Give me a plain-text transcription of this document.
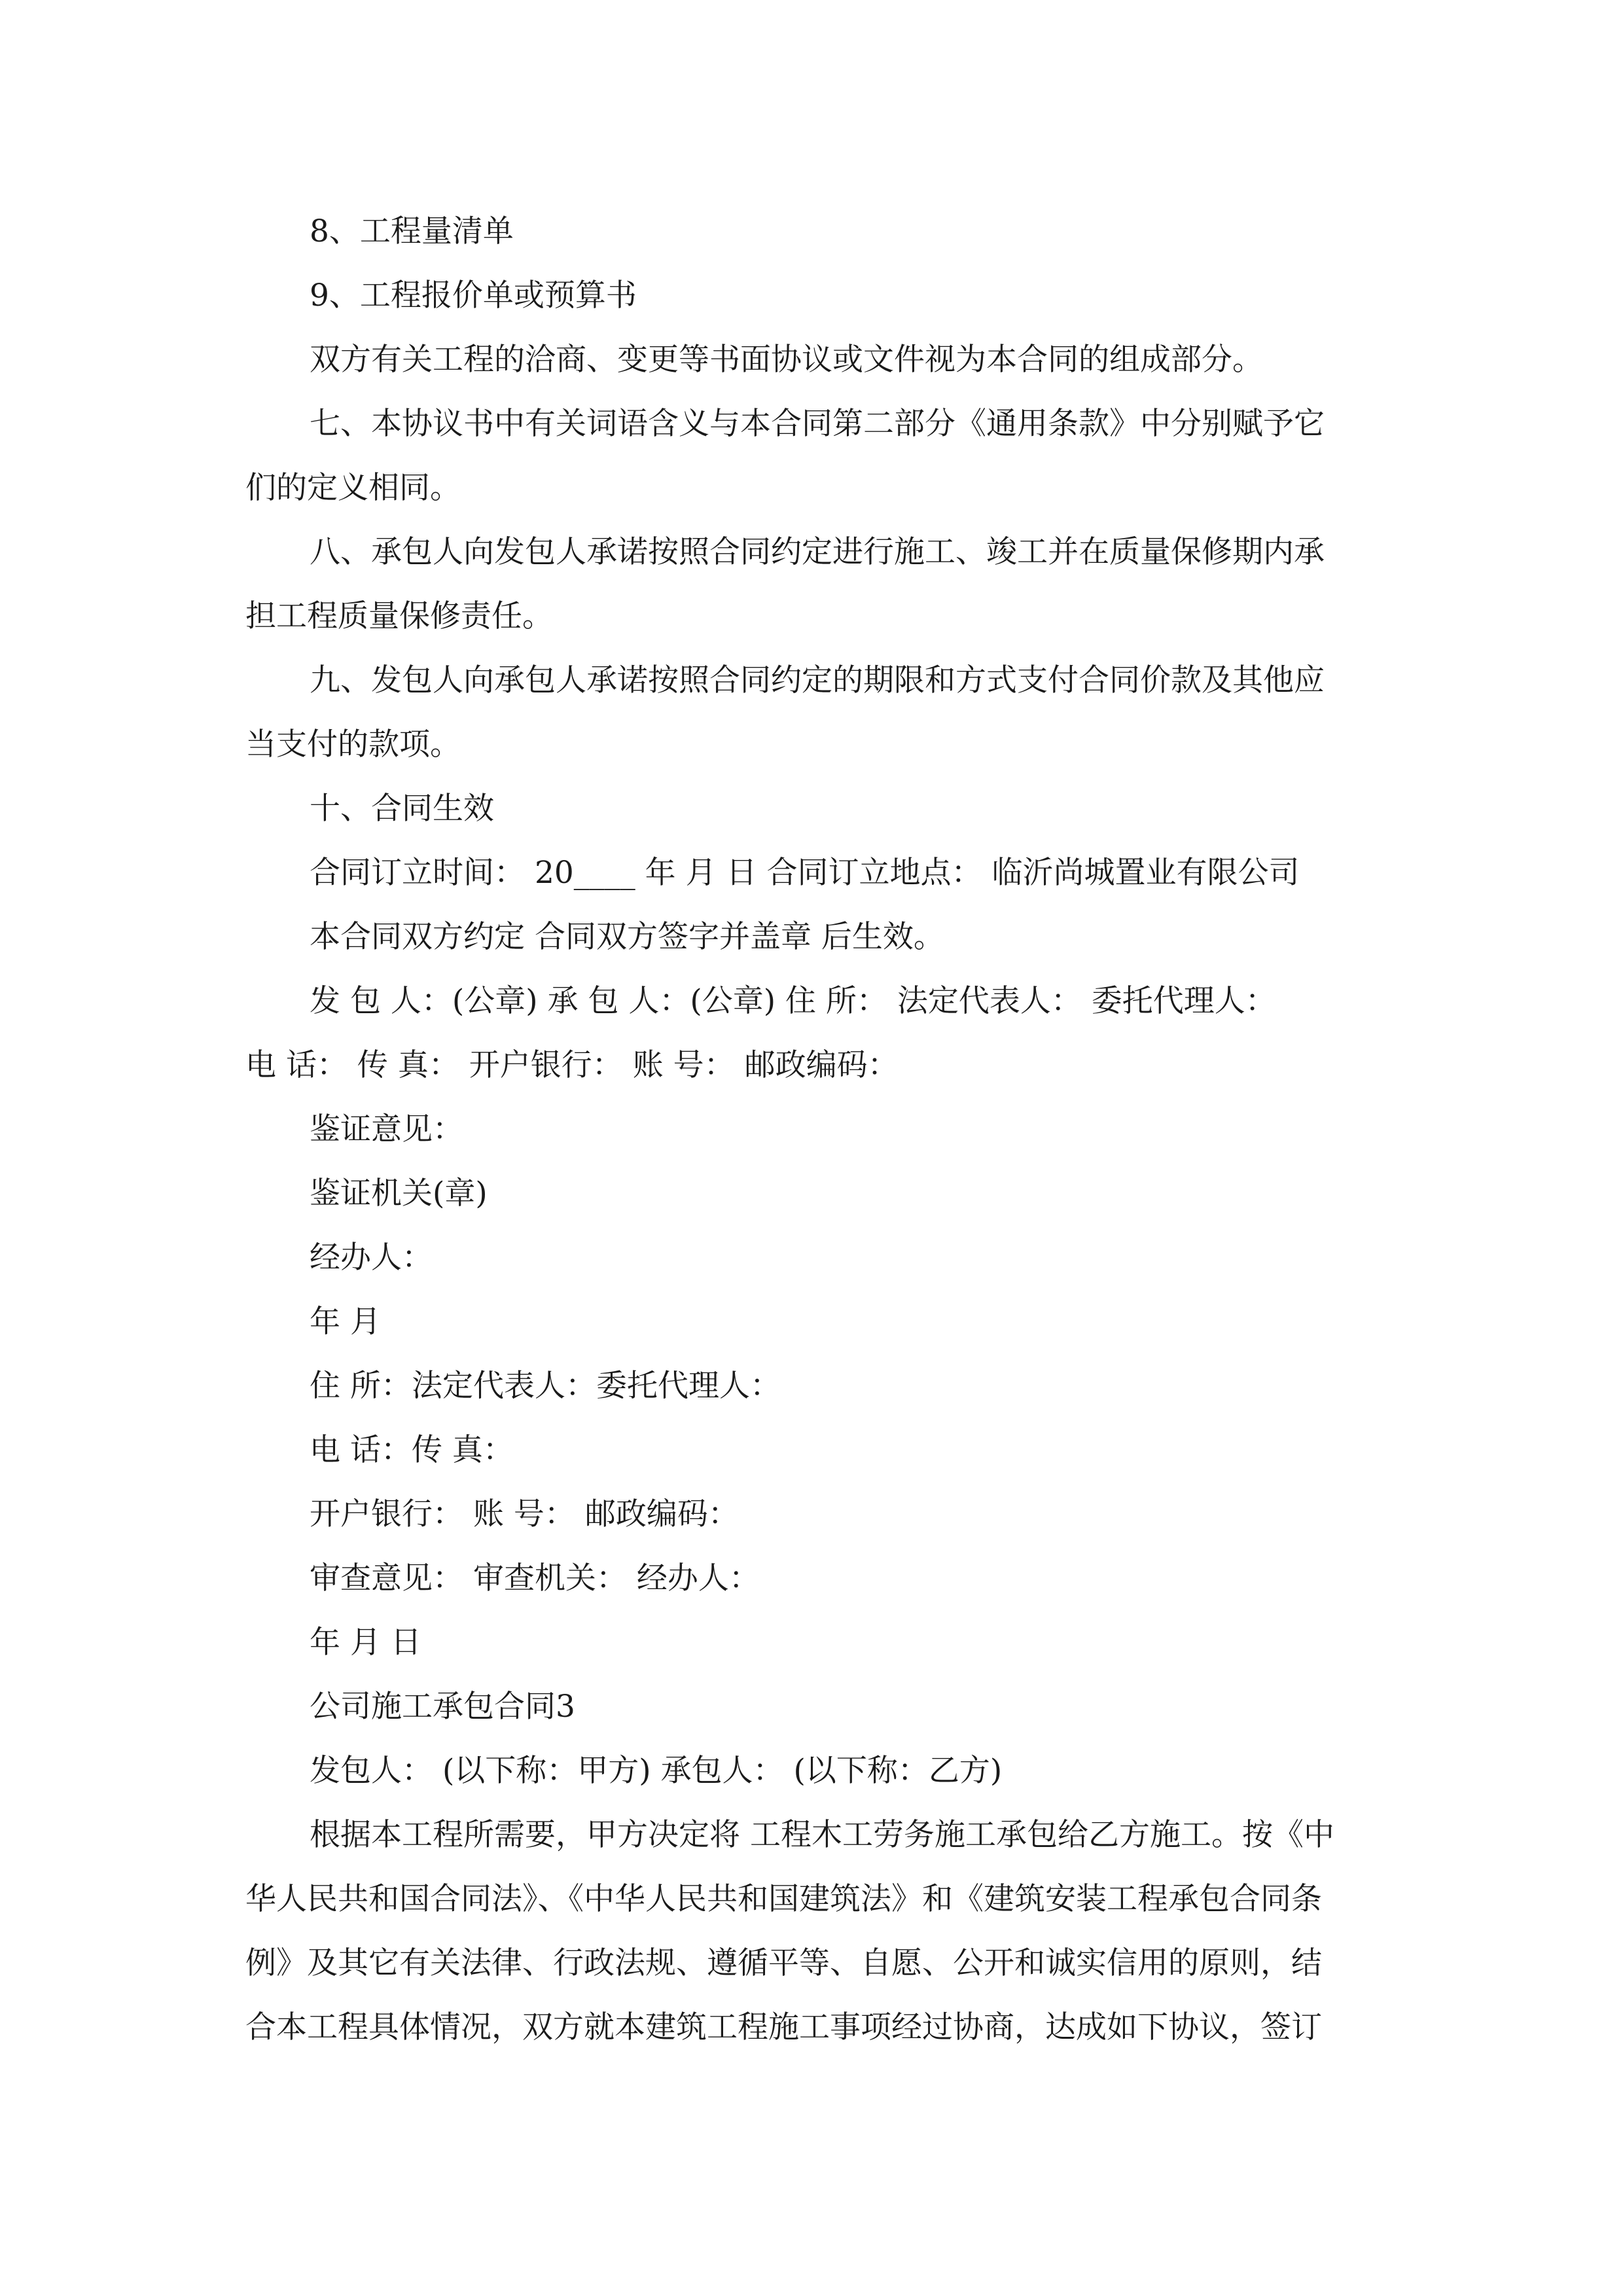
8、工程量清单

9、工程报价单或预算书

双方有关工程的洽商、变更等书面协议或文件视为本合同的组成部分。

七、本协议书中有关词语含义与本合同第二部分《通用条款》中分别赋予它

们的定义相同。

八、承包人向发包人承诺按照合同约定进行施工、竣工并在质量保修期内承

担工程质量保修责任。

九、发包人向承包人承诺按照合同约定的期限和方式支付合同价款及其他应

当支付的款项。

十、合同生效

合同订立时间： 20____ 年 月 日 合同订立地点： 临沂尚城置业有限公司

本合同双方约定 合同双方签字并盖章 后生效。

发 包 人：(公章) 承 包 人：(公章) 住 所： 法定代表人： 委托代理人：

电 话： 传 真： 开户银行： 账 号： 邮政编码：

鉴证意见：

鉴证机关(章)

经办人：

年 月

住 所：法定代表人：委托代理人：

电 话：传 真：

开户银行： 账 号： 邮政编码：

审查意见： 审查机关： 经办人：

年 月 日

公司施工承包合同3

发包人： (以下称：甲方) 承包人： (以下称：乙方)

根据本工程所需要，甲方决定将 工程木工劳务施工承包给乙方施工。按《中

华人民共和国合同法》、《中华人民共和国建筑法》和《建筑安装工程承包合同条

例》及其它有关法律、行政法规、遵循平等、自愿、公开和诚实信用的原则，结

合本工程具体情况，双方就本建筑工程施工事项经过协商，达成如下协议，签订
